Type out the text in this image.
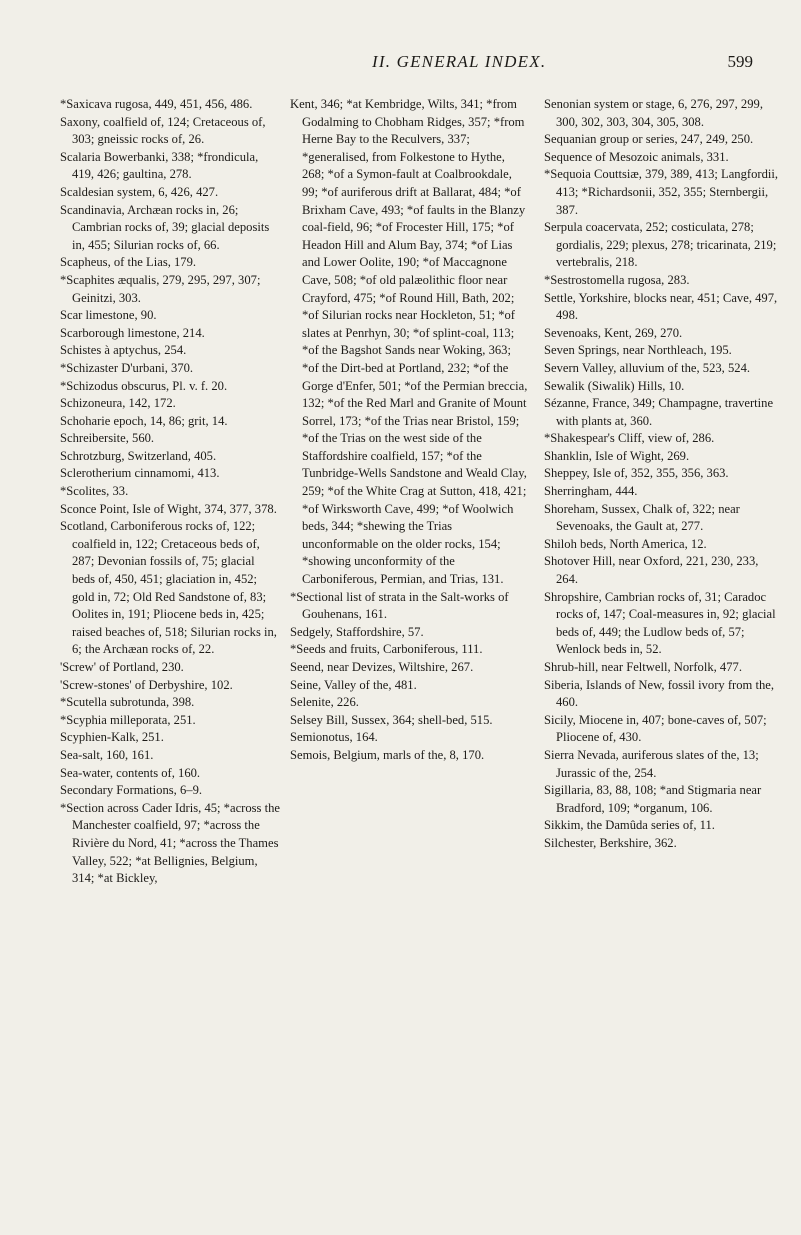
II. GENERAL INDEX.	599

*Saxicava rugosa, 449, 451, 456, 486.

Saxony, coalfield of, 124; Cretaceous of, 303; gneissic rocks of, 26.

Scalaria Bowerbanki, 338; *frondicula, 419, 426; gaultina, 278.

Scaldesian system, 6, 426, 427.

Scandinavia, Archæan rocks in, 26; Cambrian rocks of, 39; glacial deposits in, 455; Silurian rocks of, 66.

Scapheus, of the Lias, 179.

*Scaphites æqualis, 279, 295, 297, 307; Geinitzi, 303.

Scar limestone, 90.

Scarborough limestone, 214.

Schistes à aptychus, 254.

*Schizaster D'urbani, 370.

*Schizodus obscurus, Pl. v. f. 20.

Schizoneura, 142, 172.

Schoharie epoch, 14, 86; grit, 14.

Schreibersite, 560.

Schrotzburg, Switzerland, 405.

Sclerotherium cinnamomi, 413.

*Scolites, 33.

Sconce Point, Isle of Wight, 374, 377, 378.

Scotland, Carboniferous rocks of, 122; coalfield in, 122; Cretaceous beds of, 287; Devonian fossils of, 75; glacial beds of, 450, 451; glaciation in, 452; gold in, 72; Old Red Sandstone of, 83; Oolites in, 191; Pliocene beds in, 425; raised beaches of, 518; Silurian rocks in, 6; the Archæan rocks of, 22.

'Screw' of Portland, 230.

'Screw-stones' of Derbyshire, 102.

*Scutella subrotunda, 398.

*Scyphia milleporata, 251.

Scyphien-Kalk, 251.

Sea-salt, 160, 161.

Sea-water, contents of, 160.

Secondary Formations, 6–9.

*Section across Cader Idris, 45; *across the Manchester coalfield, 97; *across the Rivière du Nord, 41; *across the Thames Valley, 522; *at Bellignies, Belgium, 314; *at Bickley,

Kent, 346; *at Kembridge, Wilts, 341; *from Godalming to Chobham Ridges, 357; *from Herne Bay to the Reculvers, 337; *generalised, from Folkestone to Hythe, 268; *of a Symon-fault at Coalbrookdale, 99; *of auriferous drift at Ballarat, 484; *of Brixham Cave, 493; *of faults in the Blanzy coal-field, 96; *of Frocester Hill, 175; *of Headon Hill and Alum Bay, 374; *of Lias and Lower Oolite, 190; *of Maccagnone Cave, 508; *of old palæolithic floor near Crayford, 475; *of Round Hill, Bath, 202; *of Silurian rocks near Hockleton, 51; *of slates at Penrhyn, 30; *of splint-coal, 113; *of the Bagshot Sands near Woking, 363; *of the Dirt-bed at Portland, 232; *of the Gorge d'Enfer, 501; *of the Permian breccia, 132; *of the Red Marl and Granite of Mount Sorrel, 173; *of the Trias near Bristol, 159; *of the Trias on the west side of the Staffordshire coalfield, 157; *of the Tunbridge-Wells Sandstone and Weald Clay, 259; *of the White Crag at Sutton, 418, 421; *of Wirksworth Cave, 499; *of Woolwich beds, 344; *shewing the Trias unconformable on the older rocks, 154; *showing unconformity of the Carboniferous, Permian, and Trias, 131.

*Sectional list of strata in the Salt-works of Gouhenans, 161.

Sedgely, Staffordshire, 57.

*Seeds and fruits, Carboniferous, 111.

Seend, near Devizes, Wiltshire, 267.

Seine, Valley of the, 481.

Selenite, 226.

Selsey Bill, Sussex, 364; shell-bed, 515.

Semionotus, 164.

Semois, Belgium, marls of the, 8, 170.

Senonian system or stage, 6, 276, 297, 299, 300, 302, 303, 304, 305, 308.

Sequanian group or series, 247, 249, 250.

Sequence of Mesozoic animals, 331.

*Sequoia Couttsiæ, 379, 389, 413; Langfordii, 413; *Richardsonii, 352, 355; Sternbergii, 387.

Serpula coacervata, 252; costiculata, 278; gordialis, 229; plexus, 278; tricarinata, 219; vertebralis, 218.

*Sestrostomella rugosa, 283.

Settle, Yorkshire, blocks near, 451; Cave, 497, 498.

Sevenoaks, Kent, 269, 270.

Seven Springs, near Northleach, 195.

Severn Valley, alluvium of the, 523, 524.

Sewalik (Siwalik) Hills, 10.

Sézanne, France, 349; Champagne, travertine with plants at, 360.

*Shakespear's Cliff, view of, 286.

Shanklin, Isle of Wight, 269.

Sheppey, Isle of, 352, 355, 356, 363.

Sherringham, 444.

Shoreham, Sussex, Chalk of, 322; near Sevenoaks, the Gault at, 277.

Shiloh beds, North America, 12.

Shotover Hill, near Oxford, 221, 230, 233, 264.

Shropshire, Cambrian rocks of, 31; Caradoc rocks of, 147; Coal-measures in, 92; glacial beds of, 449; the Ludlow beds of, 57; Wenlock beds in, 52.

Shrub-hill, near Feltwell, Norfolk, 477.

Siberia, Islands of New, fossil ivory from the, 460.

Sicily, Miocene in, 407; bone-caves of, 507; Pliocene of, 430.

Sierra Nevada, auriferous slates of the, 13; Jurassic of the, 254.

Sigillaria, 83, 88, 108; *and Stigmaria near Bradford, 109; *organum, 106.

Sikkim, the Damûda series of, 11.

Silchester, Berkshire, 362.
